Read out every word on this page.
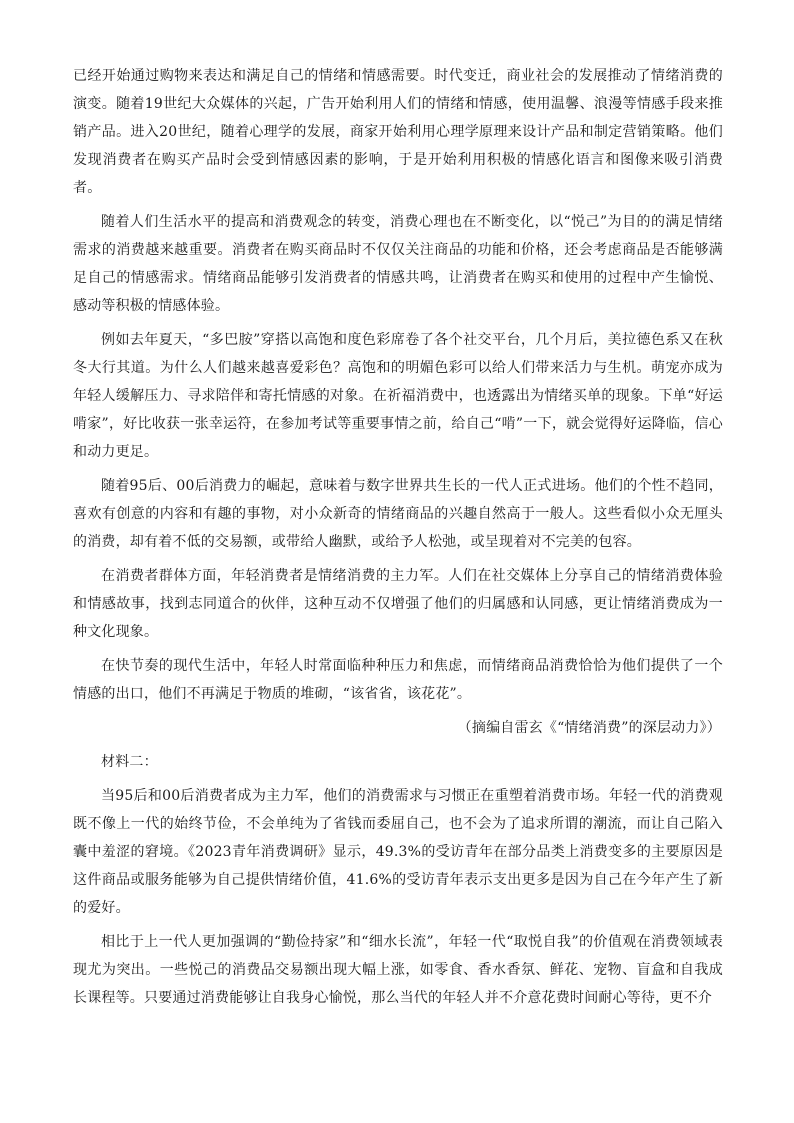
已经开始通过购物来表达和满足自己的情绪和情感需要。时代变迁，商业社会的发展推动了情绪消费的演变。随着19世纪大众媒体的兴起，广告开始利用人们的情绪和情感，使用温馨、浪漫等情感手段来推销产品。进入20世纪，随着心理学的发展，商家开始利用心理学原理来设计产品和制定营销策略。他们发现消费者在购买产品时会受到情感因素的影响，于是开始利用积极的情感化语言和图像来吸引消费者。

随着人们生活水平的提高和消费观念的转变，消费心理也在不断变化，以“悦己”为目的的满足情绪需求的消费越来越重要。消费者在购买商品时不仅仅关注商品的功能和价格，还会考虑商品是否能够满足自己的情感需求。情绪商品能够引发消费者的情感共鸣，让消费者在购买和使用的过程中产生愉悦、感动等积极的情感体验。

例如去年夏天，“多巴胺”穿搭以高饱和度色彩席卷了各个社交平台，几个月后，美拉德色系又在秋冬大行其道。为什么人们越来越喜爱彩色？高饱和的明媚色彩可以给人们带来活力与生机。萌宠亦成为年轻人缓解压力、寻求陪伴和寄托情感的对象。在祈福消费中，也透露出为情绪买单的现象。下单“好运啃家”，好比收获一张幸运符，在参加考试等重要事情之前，给自己“啃”一下，就会觉得好运降临，信心和动力更足。

随着95后、00后消费力的崛起，意味着与数字世界共生长的一代人正式进场。他们的个性不趋同，喜欢有创意的内容和有趣的事物，对小众新奇的情绪商品的兴趣自然高于一般人。这些看似小众无厘头的消费，却有着不低的交易额，或带给人幽默，或给予人松弛，或呈现着对不完美的包容。

在消费者群体方面，年轻消费者是情绪消费的主力军。人们在社交媒体上分享自己的情绪消费体验和情感故事，找到志同道合的伙伴，这种互动不仅增强了他们的归属感和认同感，更让情绪消费成为一种文化现象。

在快节奏的现代生活中，年轻人时常面临种种压力和焦虑，而情绪商品消费恰恰为他们提供了一个情感的出口，他们不再满足于物质的堆砌，“该省省，该花花”。

（摘编自雷玄《“情绪消费”的深层动力》）

材料二：

当95后和00后消费者成为主力军，他们的消费需求与习惯正在重塑着消费市场。年轻一代的消费观既不像上一代的始终节俭，不会单纯为了省钱而委屈自己，也不会为了追求所谓的潮流，而让自己陷入囊中羞涩的窘境。《2023青年消费调研》显示，49.3%的受访青年在部分品类上消费变多的主要原因是这件商品或服务能够为自己提供情绪价值，41.6%的受访青年表示支出更多是因为自己在今年产生了新的爱好。

相比于上一代人更加强调的“勤俭持家”和“细水长流”，年轻一代“取悦自我”的价值观在消费领域表现尤为突出。一些悦己的消费品交易额出现大幅上涨，如零食、香水香氛、鲜花、宠物、盲盒和自我成长课程等。只要通过消费能够让自我身心愉悦，那么当代的年轻人并不介意花费时间耐心等待，更不介
